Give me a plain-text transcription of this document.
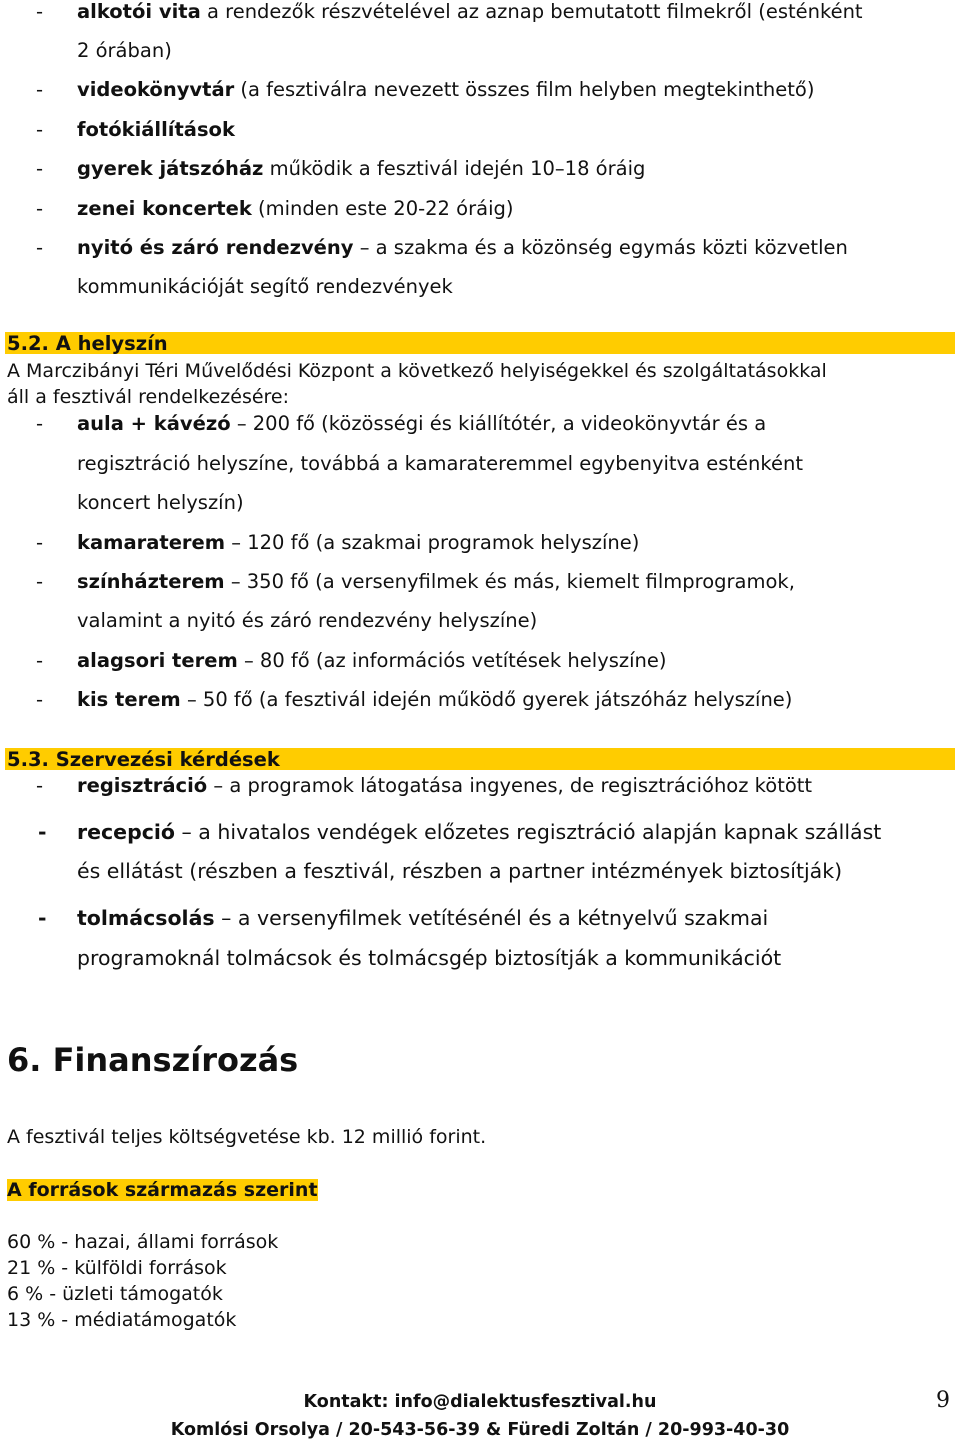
- alkotói vita a rendezők részvételével az aznap bemutatott filmekről (esténként
2 órában)
- videokönyvtár (a fesztiválra nevezett összes film helyben megtekinthető)
- fotókiállítások
- gyerek játszóház működik a fesztivál idején 10–18 óráig
- zenei koncertek (minden este 20-22 óráig)
- nyitó és záró rendezvény – a szakma és a közönség egymás közti közvetlen
kommunikációját segítő rendezvények
5.2. A helyszín
A Marczibányi Téri Művelődési Központ a következő helyiségekkel és szolgáltatásokkal
áll a fesztivál rendelkezésére:
- aula + kávézó – 200 fő (közösségi és kiállítótér, a videokönyvtár és a
regisztráció helyszíne, továbbá a kamarateremmel egybenyitva esténként
koncert helyszín)
- kamaraterem – 120 fő (a szakmai programok helyszíne)
- színházterem – 350 fő (a versenyfilmek és más, kiemelt filmprogramok,
valamint a nyitó és záró rendezvény helyszíne)
- alagsori terem – 80 fő (az információs vetítések helyszíne)
- kis terem – 50 fő (a fesztivál idején működő gyerek játszóház helyszíne)
5.3. Szervezési kérdések
- regisztráció – a programok látogatása ingyenes, de regisztrációhoz kötött
- recepció – a hivatalos vendégek előzetes regisztráció alapján kapnak szállást
és ellátást (részben a fesztivál, részben a partner intézmények biztosítják)
- tolmácsolás – a versenyfilmek vetítésénél és a kétnyelvű szakmai
programoknál tolmácsok és tolmácsgép biztosítják a kommunikációt
6. Finanszírozás
A fesztivál teljes költségvetése kb. 12 millió forint.
A források származás szerint
60 % - hazai, állami források
21 % - külföldi források
6 % - üzleti támogatók
13 % - médiatámogatók
Kontakt: info@dialektusfesztival.hu
Komlósi Orsolya / 20-543-56-39 & Füredi Zoltán / 20-993-40-30
9
